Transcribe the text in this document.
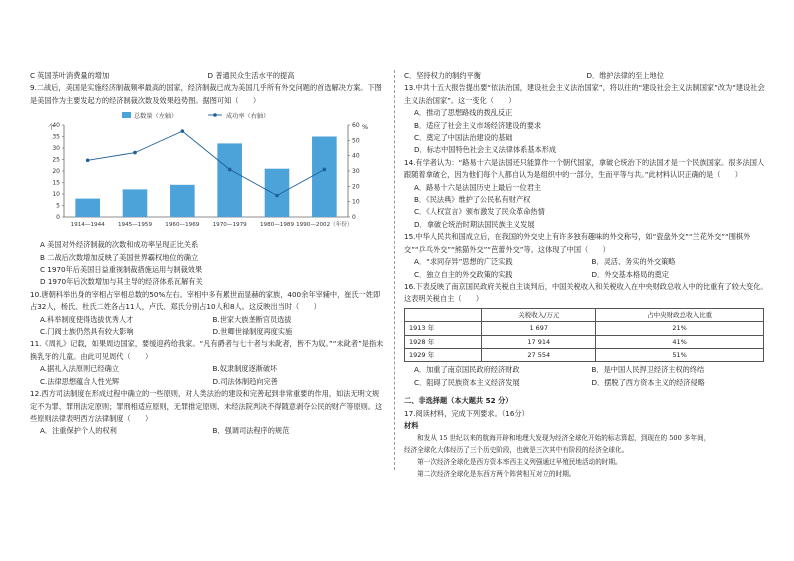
C 英国茶叶消费量的增加	D 普通民众生活水平的提高
9.二战后，美国是实施经济制裁频率最高的国家，经济制裁已成为美国几乎所有外交问题的首选解决方案。下图是美国作为主要发起方的经济制裁次数及效果趋势图。据图可知（　　）
0
5
10
15
20
25
30
35
40
0
10
20
30
40
50
60
个	%
1914—1944 1945—1959 1960—1969 1970—1979 1980—1989 1990—2002（年份）
总数量（左轴）	成功率（右轴）
A 美国对外经济制裁的次数和成功率呈现正比关系
B 二战后次数增加反映了美国世界霸权地位的确立
C 1970年后美国日益重视制裁措施运用与制裁效果
D 1970年后次数增加与其主导的经济体系瓦解有关
10.唐朝科举出身的宰相占宰相总数的50%左右。宰相中多有累世而显赫的家族，400余年宰辅中，崔氏一姓即占32人，杨氏、杜氏二姓各占11人，卢氏、郑氏分别占10人和8人。这反映出当时（　　）
A.科举制度使得选拔优秀人才	B.世家大族垄断官员选拔
C.门阀士族仍然具有较大影响	D.世卿世禄制度再度实施
11.《周礼》记载，如果周边国家，要缓迎药给我家。“凡有爵者与七十者与未龀者，皆不为奴。”“未龀者”是指未换乳牙的儿童。由此可见周代（　　）
A.据礼入法原则已经确立	B.奴隶制度逐渐破坏
C.法律思想蕴含人性光辉	D.司法体制趋向完善
12.西方司法制度在形成过程中确立的一些原则，对人类法治的建设和完善起到非常重要的作用，如法无明文规定不为罪、罪刑法定原则；罪刑相适应原则，无罪推定原则、未经法院判决不得随意剥夺公民的财产等原则。这些原则法律表明西方法律制度（　　）
A．注重保护个人的权利	B．强调司法程序的规范
C．坚持权力的制约平衡	D．维护法律的至上地位
13.中共十五大报告提出要“依法治国，建设社会主义法治国家”，将以往的“建设社会主义法制国家”改为“建设社会主义法治国家”。这一变化（　　）
A．推动了思想路线的拨乱反正
B．适应了社会主义市场经济建设的要求
C．奠定了中国法治建设的基础
D．标志中国特色社会主义法律体系基本形成
14.有学者认为：“路易十六是法国还只能算作一个朝代国家，拿破仑统治下的法国才是一个民族国家。很多法国人跟随着拿破仑，因为他们每个人都自认为是组织中的一部分，生而平等与共。”此材料认识正确的是（　　）
A．路易十六是法国历史上最后一位君主
B．《民法典》维护了公民私有财产权
C．《人权宣言》颁布激发了民众革命热情
D．拿破仑统治时期法国民族主义发展
15.中华人民共和国成立后，在我国的外交史上有许多独有趣味的外交称号，如“瓷盘外交”“兰花外交”“围棋外交”“乒乓外交”“熊猫外交”“芭蕾外交”等。这体现了中国（　　）
A．“求同存异”思想的广泛实践	B．灵活、务实的外交策略
C．独立自主的外交政策的实践	D．外交基本格局的奠定
16.下表反映了南京国民政府关税自主谈判后，中国关税收入和关税收入在中央财政总收入中的比重有了较大变化。这表明关税自主（　　）
	关税收入/万元	占中央财政总收入比重
1913 年	1 697	21%
1928 年	17 914	41%
1929 年	27 554	51%
A．加重了南京国民政府经济财政	B．是中国人民捍卫经济主权的终结
C．阻碍了民族资本主义经济发展	D．摆脱了西方资本主义的经济侵略
二、非选择题（本大题共 52 分）
17.阅读材料，完成下列要求。（16分）
材料
　　和发从 15 世纪以来的航海开辟和地理大发现为经济全球化开始的标志算起，到现在的 500 多年间，
经济全球化大体经历了三个历史阶段，也就是三次其中有阶段的经济全球化。
　　第一次经济全球化是西方资本率西主义列强通过早殖民地活动的时期。
　　第二次经济全球化是东西方两个阵营相互对立的时期。
